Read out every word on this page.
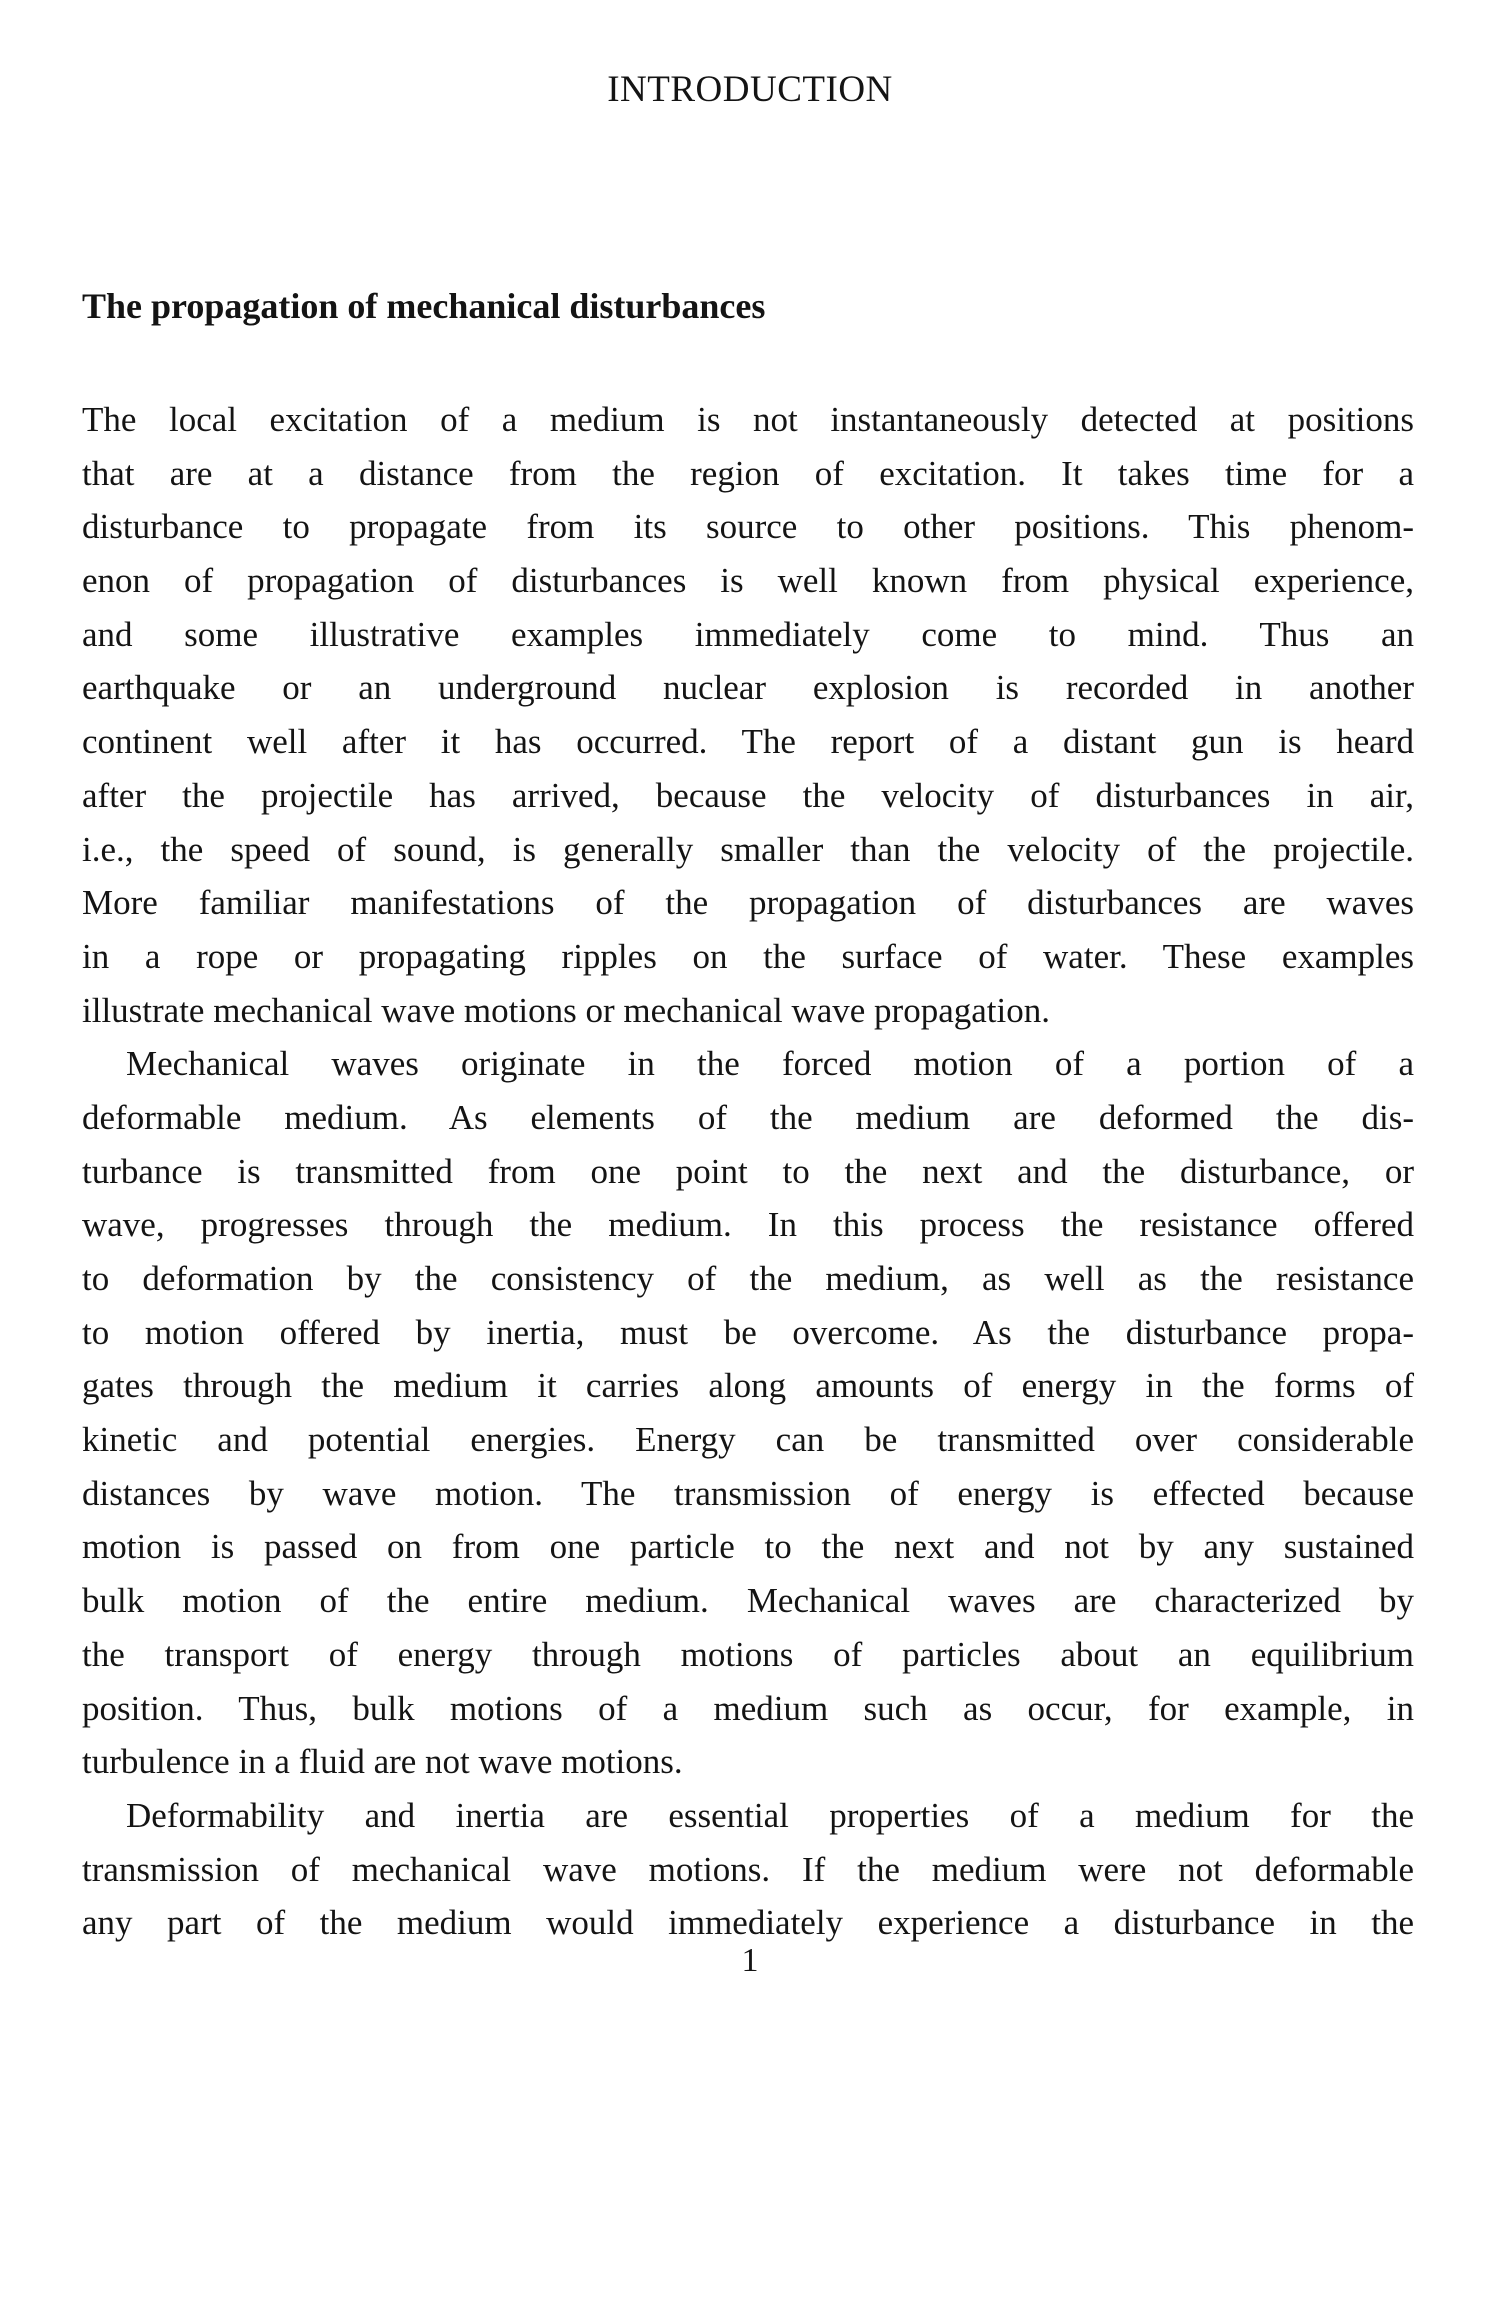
INTRODUCTION
The propagation of mechanical disturbances
The local excitation of a medium is not instantaneously detected at positions
that are at a distance from the region of excitation. It takes time for a
disturbance to propagate from its source to other positions. This phenom-
enon of propagation of disturbances is well known from physical experience,
and some illustrative examples immediately come to mind. Thus an
earthquake or an underground nuclear explosion is recorded in another
continent well after it has occurred. The report of a distant gun is heard
after the projectile has arrived, because the velocity of disturbances in air,
i.e., the speed of sound, is generally smaller than the velocity of the projectile.
More familiar manifestations of the propagation of disturbances are waves
in a rope or propagating ripples on the surface of water. These examples
illustrate mechanical wave motions or mechanical wave propagation.
Mechanical waves originate in the forced motion of a portion of a
deformable medium. As elements of the medium are deformed the dis-
turbance is transmitted from one point to the next and the disturbance, or
wave, progresses through the medium. In this process the resistance offered
to deformation by the consistency of the medium, as well as the resistance
to motion offered by inertia, must be overcome. As the disturbance propa-
gates through the medium it carries along amounts of energy in the forms of
kinetic and potential energies. Energy can be transmitted over considerable
distances by wave motion. The transmission of energy is effected because
motion is passed on from one particle to the next and not by any sustained
bulk motion of the entire medium. Mechanical waves are characterized by
the transport of energy through motions of particles about an equilibrium
position. Thus, bulk motions of a medium such as occur, for example, in
turbulence in a fluid are not wave motions.
Deformability and inertia are essential properties of a medium for the
transmission of mechanical wave motions. If the medium were not deformable
any part of the medium would immediately experience a disturbance in the
1
